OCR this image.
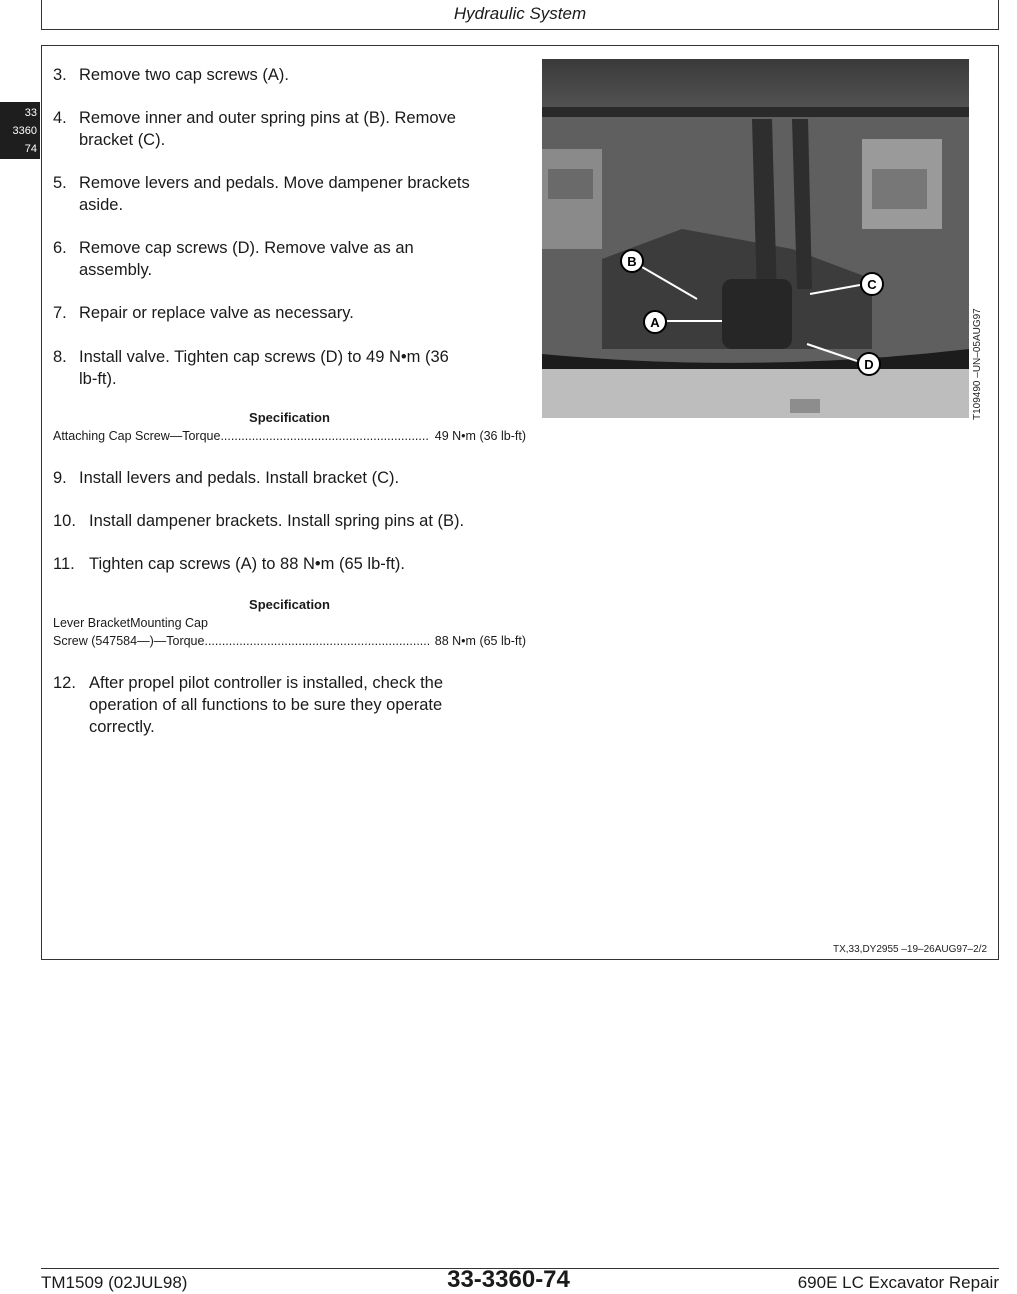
Hydraulic System
33
3360
74
3. Remove two cap screws (A).
4. Remove inner and outer spring pins at (B). Remove
bracket (C).
5. Remove levers and pedals. Move dampener brackets
aside.
6. Remove cap screws (D). Remove valve as an
assembly.
7. Repair or replace valve as necessary.
8. Install valve. Tighten cap screws (D) to 49 N•m (36
lb-ft).
Specification
Attaching Cap Screw—Torque .....	49 N•m (36 lb-ft)
9. Install levers and pedals. Install bracket (C).
10. Install dampener brackets. Install spring pins at (B).
11. Tighten cap screws (A) to 88 N•m (65 lb-ft).
Specification
Lever BracketMounting Cap
Screw (547584—)—Torque .....	88 N•m (65 lb-ft)
12. After propel pilot controller is installed, check the
operation of all functions to be sure they operate
correctly.
B
A
C
D	T109490 –UN–05AUG97
TX,33,DY2955 –19–26AUG97–2/2
TM1509 (02JUL98)	33-3360-74	690E LC Excavator Repair
